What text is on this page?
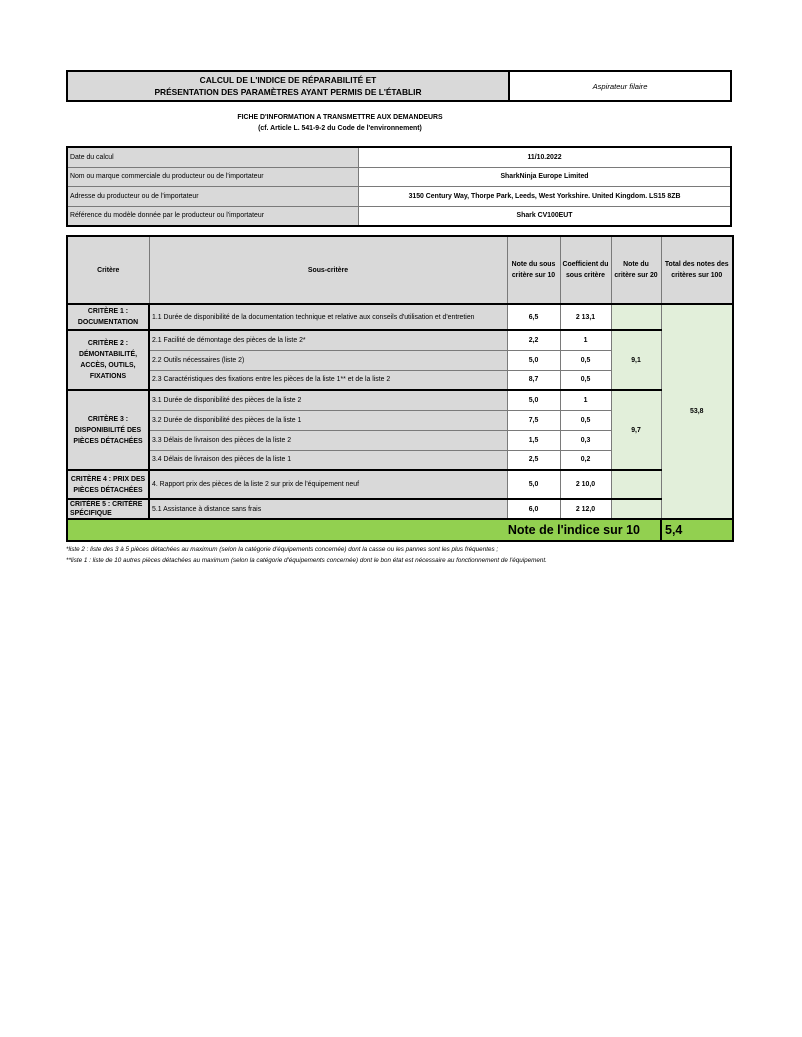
CALCUL DE L'INDICE DE RÉPARABILITÉ ET
PRÉSENTATION DES PARAMÈTRES AYANT PERMIS DE L'ÉTABLIR
Aspirateur filaire
FICHE D'INFORMATION A TRANSMETTRE AUX DEMANDEURS
(cf. Article L. 541-9-2 du Code de l'environnement)
Date du calcul	11/10.2022
Nom ou marque commerciale du producteur ou de l'importateur	SharkNinja Europe Limited
Adresse du producteur ou de l'importateur	3150 Century Way, Thorpe Park, Leeds, West Yorkshire. United Kingdom. LS15 8ZB
Référence du modèle donnée par le producteur ou l'importateur	Shark CV100EUT
Critère	Sous-critère	Note du sous critère sur 10	Coefficient du sous critère	Note du critère sur 20	Total des notes des critères sur 100
CRITÈRE 1 : DOCUMENTATION	1.1 Durée de disponibilité de la documentation technique et relative aux conseils d'utilisation et d'entretien	6,5	2 13,1		53,8
CRITÈRE 2 : DÉMONTABILITÉ, ACCÈS, OUTILS, FIXATIONS	2.1 Facilité de démontage des pièces de la liste 2*	2,2	1	9,1	
	2.2 Outils nécessaires (liste 2)	5,0	0,5		
	2.3 Caractéristiques des fixations entre les pièces de la liste 1** et de la liste 2	8,7	0,5		
CRITÈRE 3 : DISPONIBILITÉ DES PIÈCES DÉTACHÉES	3.1 Durée de disponibilité des pièces de la liste 2	5,0	1	9,7	
	3.2 Durée de disponibilité des pièces de la liste 1	7,5	0,5		
	3.3 Délais de livraison des pièces de la liste 2	1,5	0,3		
	3.4 Délais de livraison des pièces de la liste 1	2,5	0,2		
CRITÈRE 4 : PRIX DES PIÈCES DÉTACHÉES	4. Rapport prix des pièces de la liste 2 sur prix de l'équipement neuf	5,0	2 10,0		
CRITÈRE 5 : CRITÈRE SPÉCIFIQUE	5.1 Assistance à distance sans frais	6,0	2 12,0		
Note de l'indice sur 10					5,4
*liste 2 : liste des 3 à 5 pièces détachées au maximum (selon la catégorie d'équipements concernée) dont la casse ou les pannes sont les plus fréquentes ;
**liste 1 : liste de 10 autres pièces détachées au maximum (selon la catégorie d'équipements concernée) dont le bon état est nécessaire au fonctionnement de l'équipement.
